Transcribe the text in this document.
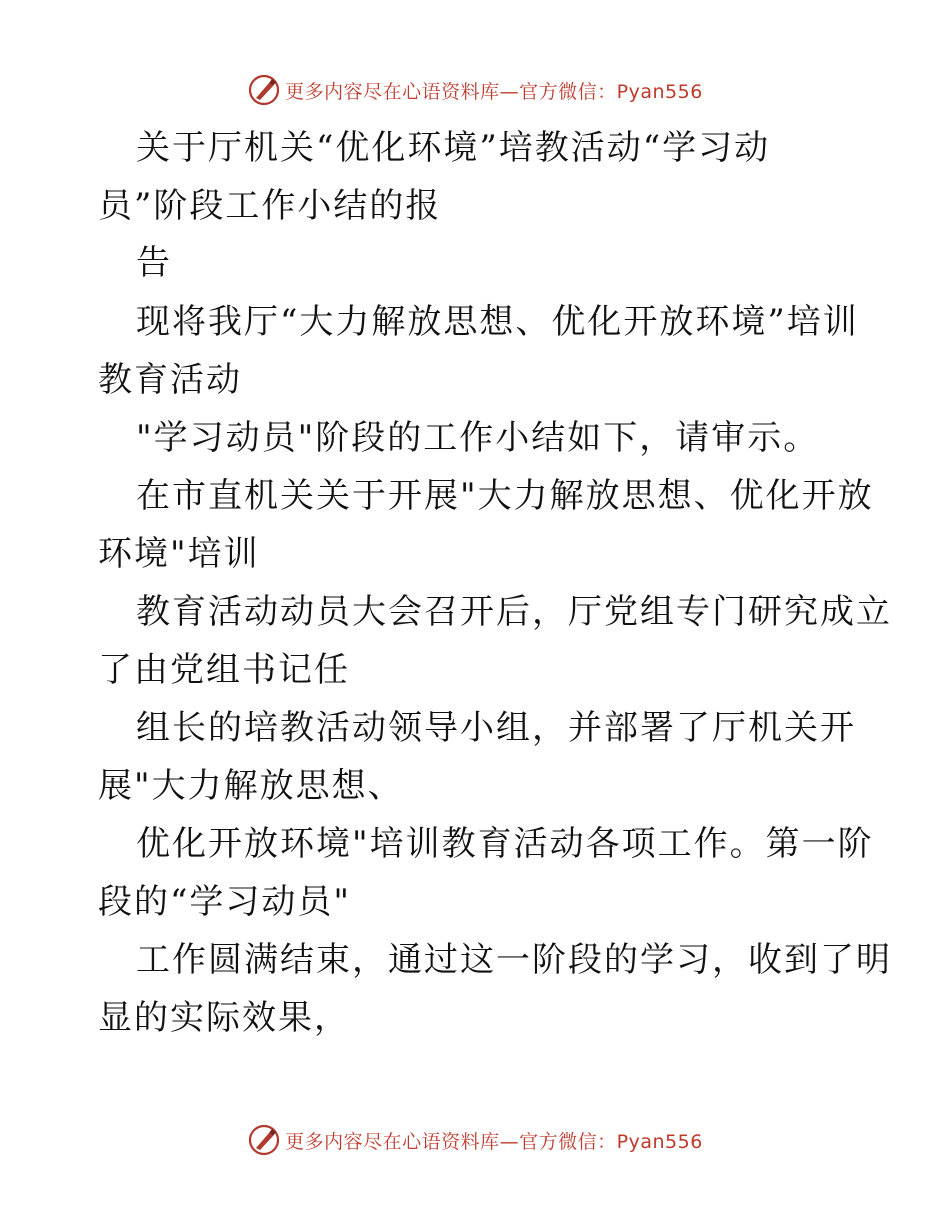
更多内容尽在心语资料库—官方微信：Pyan556
关于厅机关“优化环境”培教活动“学习动
员”阶段工作小结的报
告
现将我厅“大力解放思想、优化开放环境”培训
教育活动
"学习动员"阶段的工作小结如下，请审示。
在市直机关关于开展"大力解放思想、优化开放
环境"培训
教育活动动员大会召开后，厅党组专门研究成立
了由党组书记任
组长的培教活动领导小组，并部署了厅机关开
展"大力解放思想、
优化开放环境"培训教育活动各项工作。第一阶
段的“学习动员"
工作圆满结束，通过这一阶段的学习，收到了明
显的实际效果，
更多内容尽在心语资料库—官方微信：Pyan556
